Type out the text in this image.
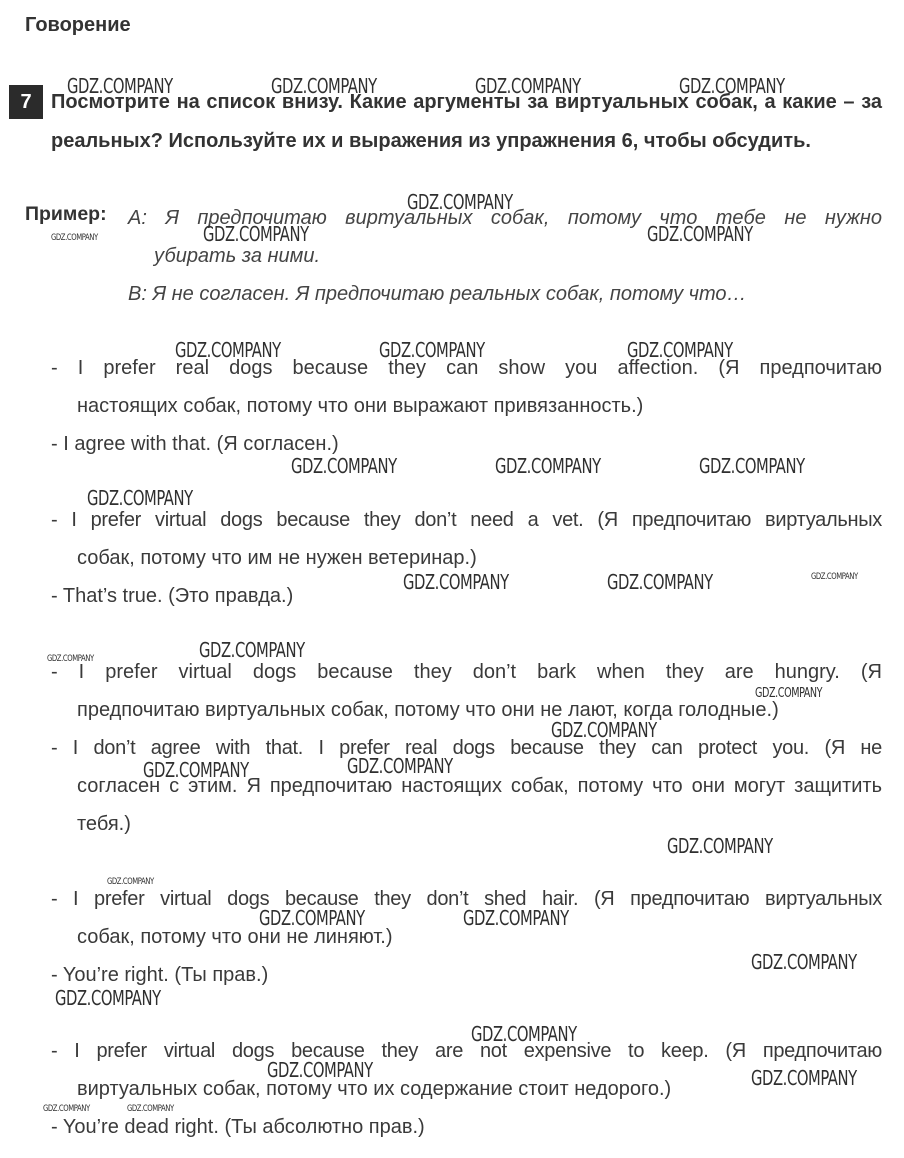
Говорение
7 Посмотрите на список внизу. Какие аргументы за виртуальных собак, а какие – за реальных? Используйте их и выражения из упражнения 6, чтобы обсудить.
Пример: A: Я предпочитаю виртуальных собак, потому что тебе не нужно
убирать за ними.
B: Я не согласен. Я предпочитаю реальных собак, потому что…
- I prefer real dogs because they can show you affection. (Я предпочитаю
настоящих собак, потому что они выражают привязанность.)
- I agree with that. (Я согласен.)
- I prefer virtual dogs because they don’t need a vet. (Я предпочитаю виртуальных
собак, потому что им не нужен ветеринар.)
- That’s true. (Это правда.)
- I prefer virtual dogs because they don’t bark when they are hungry. (Я
предпочитаю виртуальных собак, потому что они не лают, когда голодные.)
- I don’t agree with that. I prefer real dogs because they can protect you. (Я не
согласен с этим. Я предпочитаю настоящих собак, потому что они могут защитить тебя.)
- I prefer virtual dogs because they don’t shed hair. (Я предпочитаю виртуальных
собак, потому что они не линяют.)
- You’re right. (Ты прав.)
- I prefer virtual dogs because they are not expensive to keep. (Я предпочитаю
виртуальных собак, потому что их содержание стоит недорого.)
- You’re dead right. (Ты абсолютно прав.)
GDZ.COMPANY	GDZ.COMPANY	GDZ.COMPANY	GDZ.COMPANY
GDZ.COMPANY
GDZ.COMPANY	GDZ.COMPANY	GDZ.COMPANY
GDZ.COMPANY	GDZ.COMPANY	GDZ.COMPANY
GDZ.COMPANY	GDZ.COMPANY	GDZ.COMPANY
GDZ.COMPANY
GDZ.COMPANY	GDZ.COMPANY	GDZ.COMPANY
GDZ.COMPANY	GDZ.COMPANY
GDZ.COMPANY
GDZ.COMPANY
GDZ.COMPANY
GDZ.COMPANY
GDZ.COMPANY
GDZ.COMPANY
GDZ.COMPANY	GDZ.COMPANY
GDZ.COMPANY
GDZ.COMPANY
GDZ.COMPANY
GDZ.COMPANY	GDZ.COMPANY
GDZ.COMPANY	GDZ.COMPANY
